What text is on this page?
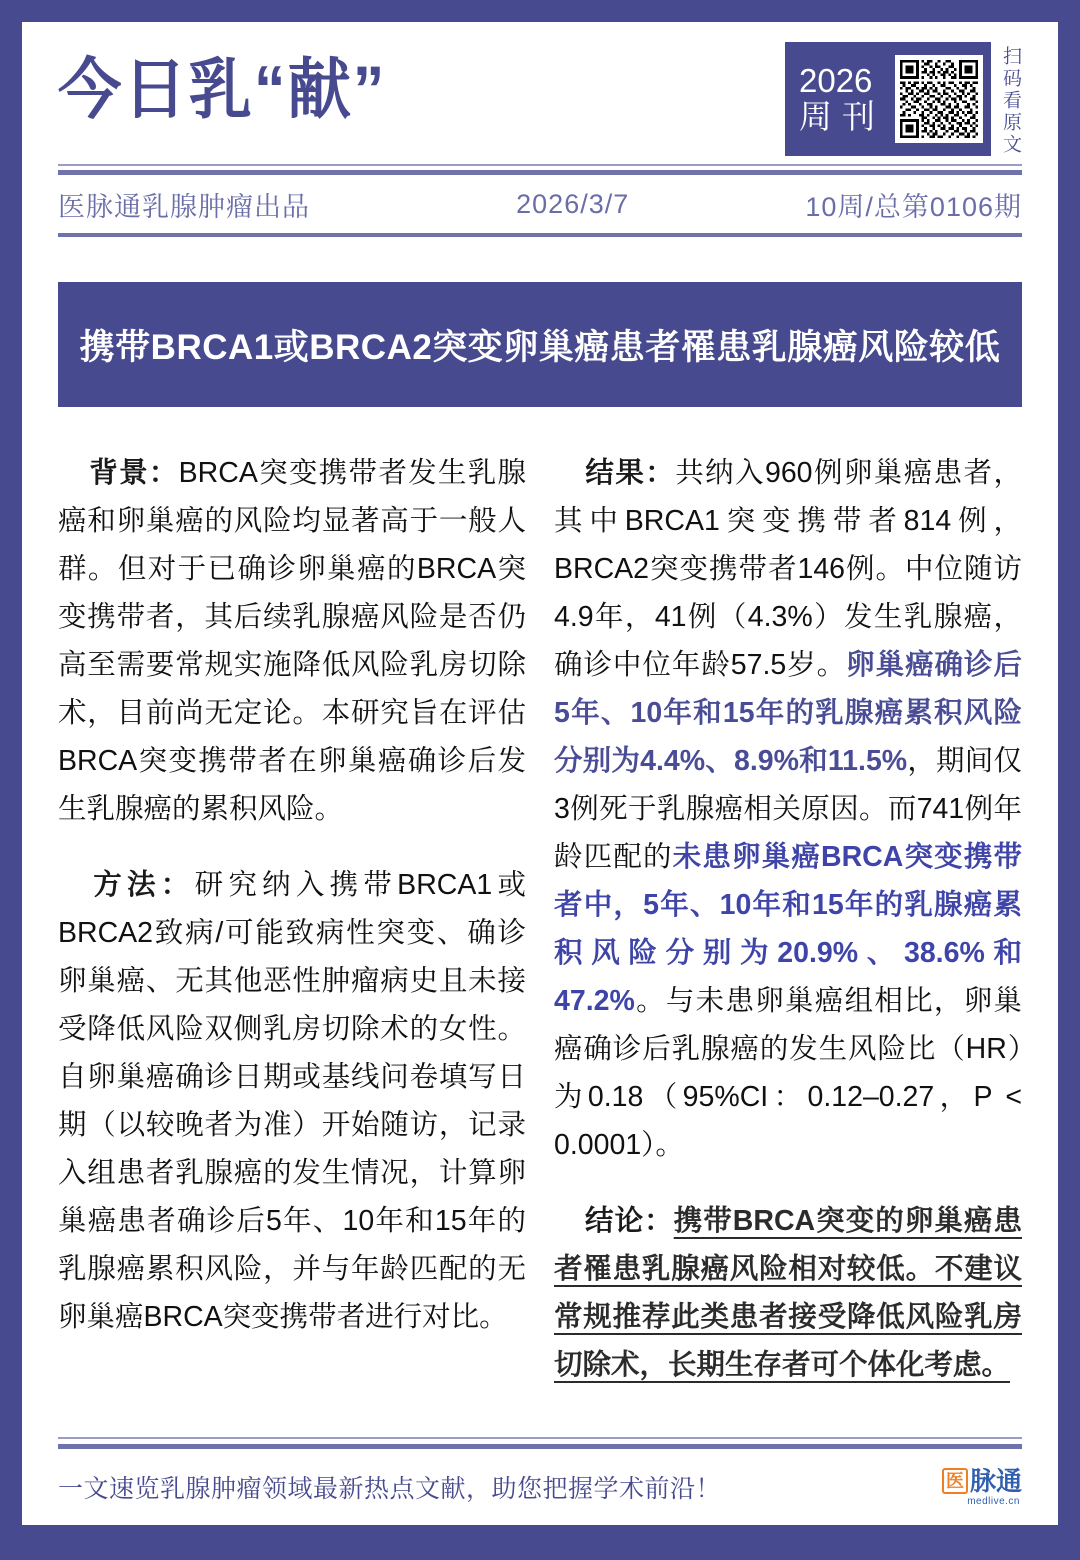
今日乳“献”	2026
周刊	扫码看原文
医脉通乳腺肿瘤出品	2026/3/7	10周/总第0106期
携带BRCA1或BRCA2突变卵巢癌患者罹患乳腺癌风险较低

背景：BRCA突变携带者发生乳腺癌和卵巢癌的风险均显著高于一般人群。但对于已确诊卵巢癌的BRCA突变携带者，其后续乳腺癌风险是否仍高至需要常规实施降低风险乳房切除术，目前尚无定论。本研究旨在评估BRCA突变携带者在卵巢癌确诊后发生乳腺癌的累积风险。

方法：研究纳入携带BRCA1或BRCA2致病/可能致病性突变、确诊卵巢癌、无其他恶性肿瘤病史且未接受降低风险双侧乳房切除术的女性。自卵巢癌确诊日期或基线问卷填写日期（以较晚者为准）开始随访，记录入组患者乳腺癌的发生情况，计算卵巢癌患者确诊后5年、10年和15年的乳腺癌累积风险，并与年龄匹配的无卵巢癌BRCA突变携带者进行对比。

结果：共纳入960例卵巢癌患者，其中BRCA1突变携带者814例，BRCA2突变携带者146例。中位随访4.9年，41例（4.3%）发生乳腺癌，确诊中位年龄57.5岁。卵巢癌确诊后5年、10年和15年的乳腺癌累积风险分别为4.4%、8.9%和11.5%，期间仅3例死于乳腺癌相关原因。而741例年龄匹配的未患卵巢癌BRCA突变携带者中，5年、10年和15年的乳腺癌累积风险分别为20.9%、38.6%和47.2%。与未患卵巢癌组相比，卵巢癌确诊后乳腺癌的发生风险比（HR）为0.18（95%CI：0.12–0.27，P < 0.0001）。

结论：携带BRCA突变的卵巢癌患者罹患乳腺癌风险相对较低。不建议常规推荐此类患者接受降低风险乳房切除术，长期生存者可个体化考虑。

一文速览乳腺肿瘤领域最新热点文献，助您把握学术前沿！	医 脉通
medlive.cn
